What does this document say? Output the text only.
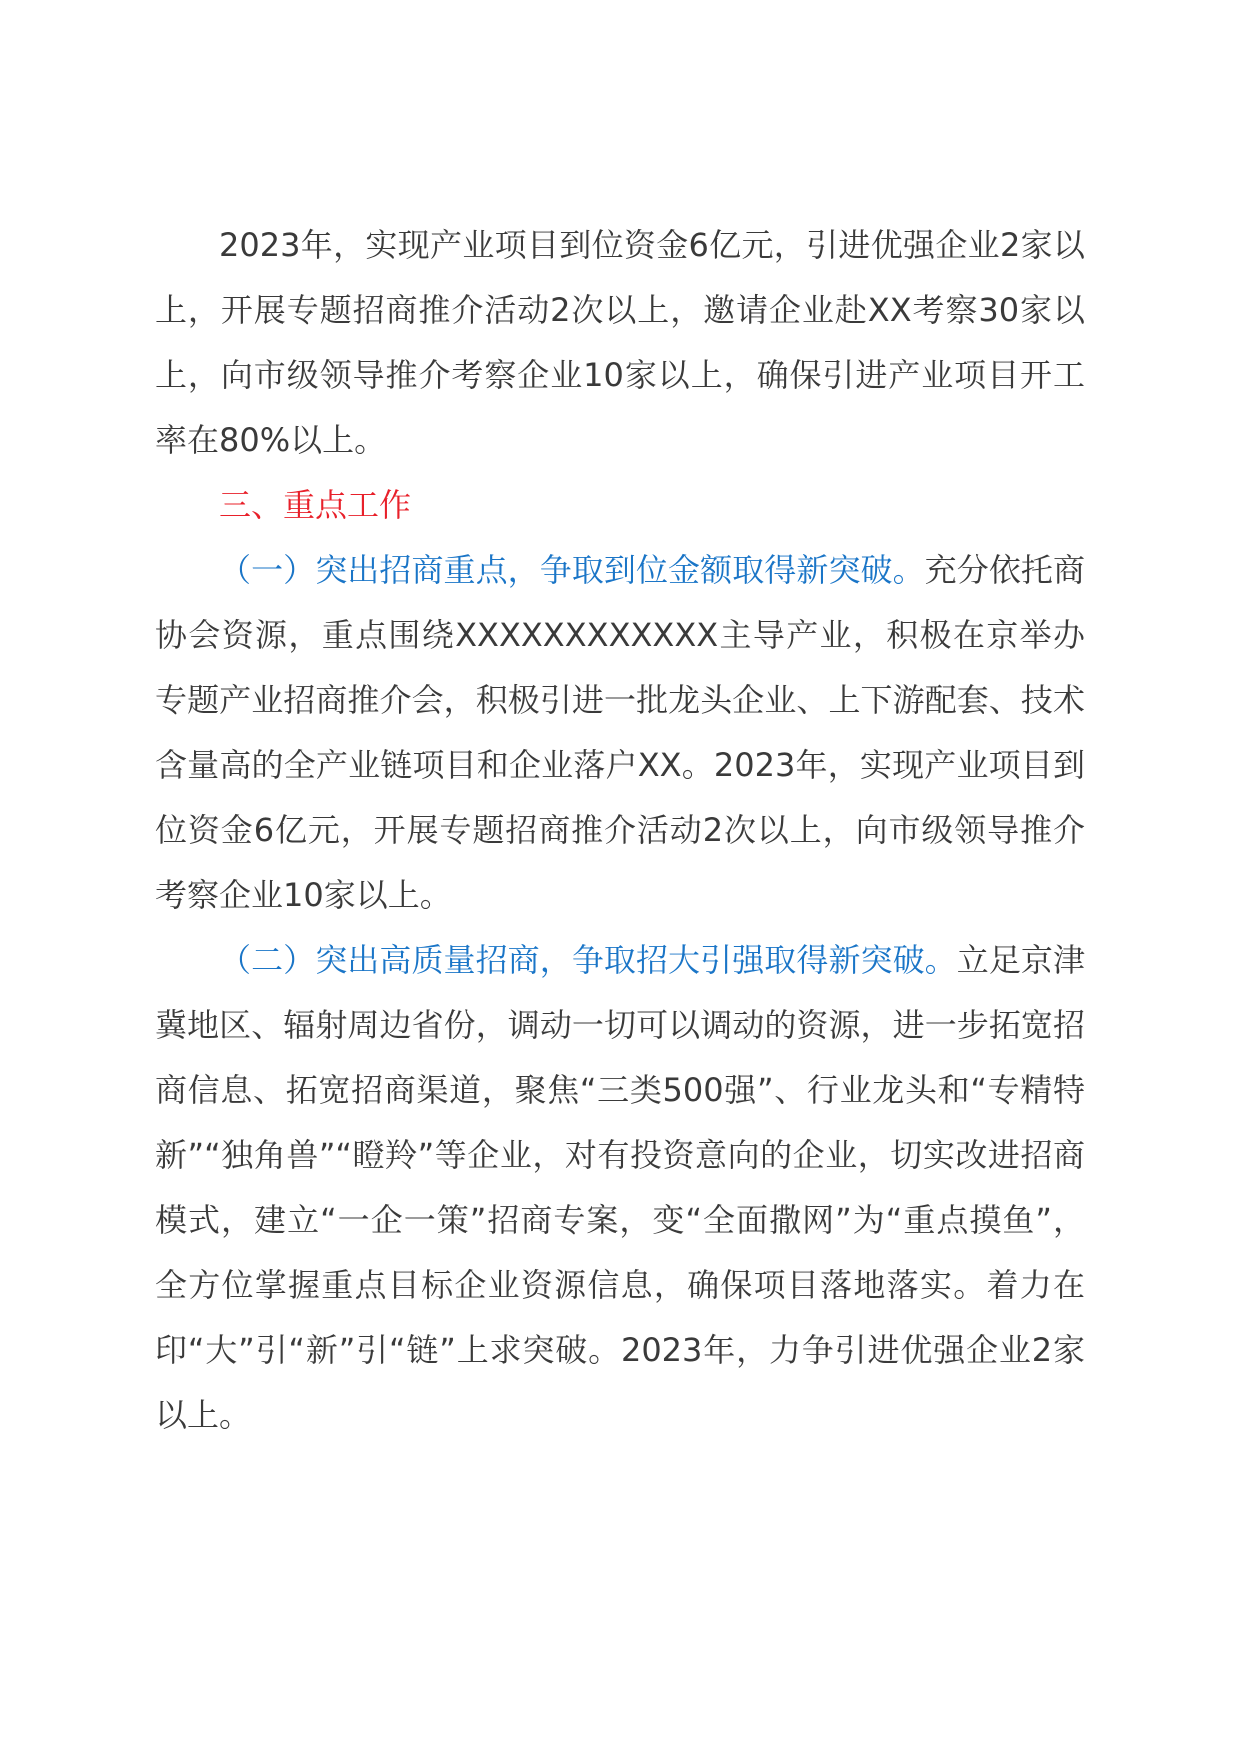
2023年，实现产业项目到位资金6亿元，引进优强企业2家以上，开展专题招商推介活动2次以上，邀请企业赴XX考察30家以上，向市级领导推介考察企业10家以上，确保引进产业项目开工率在80%以上。

三、重点工作

（一）突出招商重点，争取到位金额取得新突破。充分依托商协会资源，重点围绕XXXXXXXXXXXX主导产业，积极在京举办专题产业招商推介会，积极引进一批龙头企业、上下游配套、技术含量高的全产业链项目和企业落户XX。2023年，实现产业项目到位资金6亿元，开展专题招商推介活动2次以上，向市级领导推介考察企业10家以上。

（二）突出高质量招商，争取招大引强取得新突破。立足京津冀地区、辐射周边省份，调动一切可以调动的资源，进一步拓宽招商信息、拓宽招商渠道，聚焦“三类500强”、行业龙头和“专精特新”“独角兽”“瞪羚”等企业，对有投资意向的企业，切实改进招商模式，建立“一企一策”招商专案，变“全面撒网”为“重点摸鱼”，全方位掌握重点目标企业资源信息，确保项目落地落实。着力在印“大”引“新”引“链”上求突破。2023年，力争引进优强企业2家以上。
